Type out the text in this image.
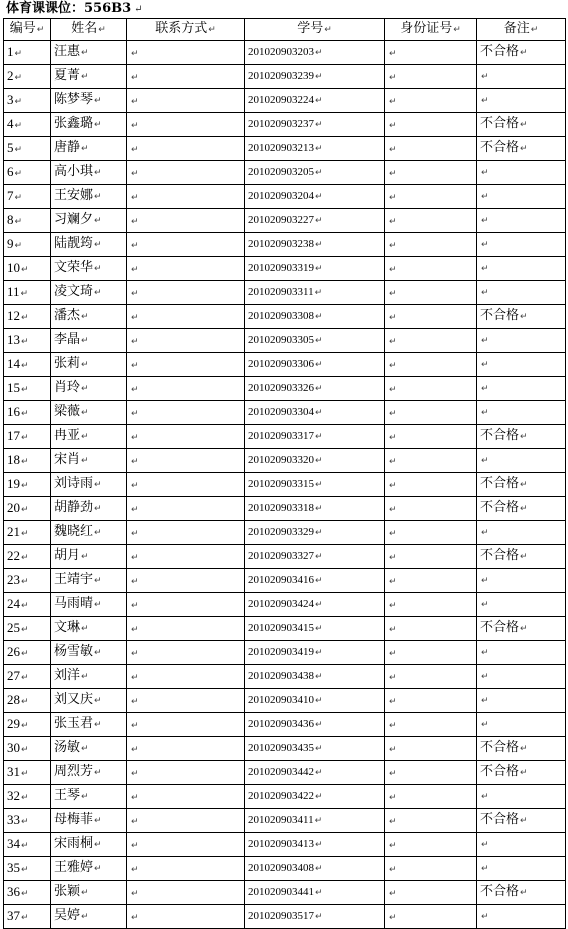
体育课课位：556B3 ↵
编号↵	姓名↵	联系方式↵	学号↵	身份证号↵	备注↵
1↵	汪惠↵	↵	201020903203↵	↵	不合格↵
2↵	夏菁↵	↵	201020903239↵	↵	↵
3↵	陈梦琴↵	↵	201020903224↵	↵	↵
4↵	张鑫璐↵	↵	201020903237↵	↵	不合格↵
5↵	唐静↵	↵	201020903213↵	↵	不合格↵
6↵	高小琪↵	↵	201020903205↵	↵	↵
7↵	王安娜↵	↵	201020903204↵	↵	↵
8↵	习斓夕↵	↵	201020903227↵	↵	↵
9↵	陆靓筠↵	↵	201020903238↵	↵	↵
10↵	文荣华↵	↵	201020903319↵	↵	↵
11↵	凌文琦↵	↵	201020903311↵	↵	↵
12↵	潘杰↵	↵	201020903308↵	↵	不合格↵
13↵	李晶↵	↵	201020903305↵	↵	↵
14↵	张莉↵	↵	201020903306↵	↵	↵
15↵	肖玲↵	↵	201020903326↵	↵	↵
16↵	梁薇↵	↵	201020903304↵	↵	↵
17↵	冉亚↵	↵	201020903317↵	↵	不合格↵
18↵	宋肖↵	↵	201020903320↵	↵	↵
19↵	刘诗雨↵	↵	201020903315↵	↵	不合格↵
20↵	胡静劲↵	↵	201020903318↵	↵	不合格↵
21↵	魏晓红↵	↵	201020903329↵	↵	↵
22↵	胡月↵	↵	201020903327↵	↵	不合格↵
23↵	王靖宇↵	↵	201020903416↵	↵	↵
24↵	马雨晴↵	↵	201020903424↵	↵	↵
25↵	文琳↵	↵	201020903415↵	↵	不合格↵
26↵	杨雪敏↵	↵	201020903419↵	↵	↵
27↵	刘洋↵	↵	201020903438↵	↵	↵
28↵	刘又庆↵	↵	201020903410↵	↵	↵
29↵	张玉君↵	↵	201020903436↵	↵	↵
30↵	汤敏↵	↵	201020903435↵	↵	不合格↵
31↵	周烈芳↵	↵	201020903442↵	↵	不合格↵
32↵	王琴↵	↵	201020903422↵	↵	↵
33↵	母梅菲↵	↵	201020903411↵	↵	不合格↵
34↵	宋雨桐↵	↵	201020903413↵	↵	↵
35↵	王雅婷↵	↵	201020903408↵	↵	↵
36↵	张颖↵	↵	201020903441↵	↵	不合格↵
37↵	吴婷↵	↵	201020903517↵	↵	↵
